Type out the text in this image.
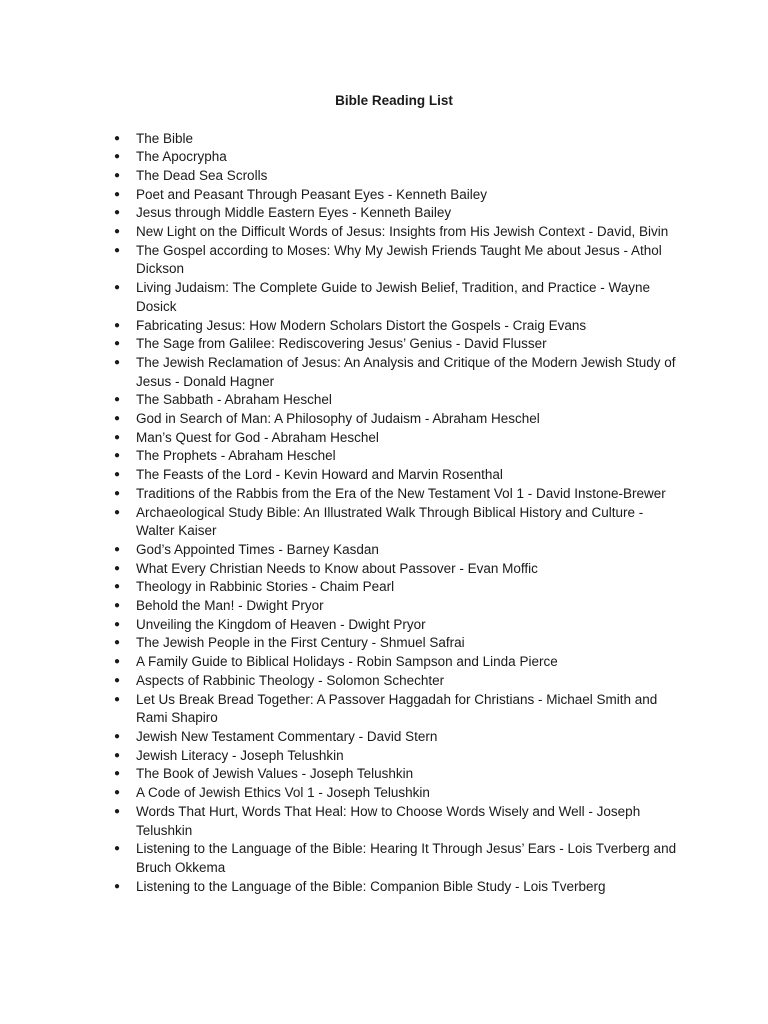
Bible Reading List
● The Bible
● The Apocrypha
● The Dead Sea Scrolls
● Poet and Peasant Through Peasant Eyes - Kenneth Bailey
● Jesus through Middle Eastern Eyes - Kenneth Bailey
● New Light on the Difficult Words of Jesus: Insights from His Jewish Context - David, Bivin
● The Gospel according to Moses: Why My Jewish Friends Taught Me about Jesus - Athol Dickson
● Living Judaism: The Complete Guide to Jewish Belief, Tradition, and Practice - Wayne Dosick
● Fabricating Jesus: How Modern Scholars Distort the Gospels - Craig Evans
● The Sage from Galilee: Rediscovering Jesus’ Genius - David Flusser
● The Jewish Reclamation of Jesus: An Analysis and Critique of the Modern Jewish Study of Jesus - Donald Hagner
● The Sabbath - Abraham Heschel
● God in Search of Man: A Philosophy of Judaism - Abraham Heschel
● Man’s Quest for God - Abraham Heschel
● The Prophets - Abraham Heschel
● The Feasts of the Lord - Kevin Howard and Marvin Rosenthal
● Traditions of the Rabbis from the Era of the New Testament Vol 1 - David Instone-Brewer
● Archaeological Study Bible: An Illustrated Walk Through Biblical History and Culture - Walter Kaiser
● God’s Appointed Times - Barney Kasdan
● What Every Christian Needs to Know about Passover - Evan Moffic
● Theology in Rabbinic Stories - Chaim Pearl
● Behold the Man! - Dwight Pryor
● Unveiling the Kingdom of Heaven - Dwight Pryor
● The Jewish People in the First Century - Shmuel Safrai
● A Family Guide to Biblical Holidays - Robin Sampson and Linda Pierce
● Aspects of Rabbinic Theology - Solomon Schechter
● Let Us Break Bread Together: A Passover Haggadah for Christians - Michael Smith and Rami Shapiro
● Jewish New Testament Commentary - David Stern
● Jewish Literacy - Joseph Telushkin
● The Book of Jewish Values - Joseph Telushkin
● A Code of Jewish Ethics Vol 1 - Joseph Telushkin
● Words That Hurt, Words That Heal: How to Choose Words Wisely and Well - Joseph Telushkin
● Listening to the Language of the Bible: Hearing It Through Jesus’ Ears - Lois Tverberg and Bruch Okkema
● Listening to the Language of the Bible: Companion Bible Study - Lois Tverberg
